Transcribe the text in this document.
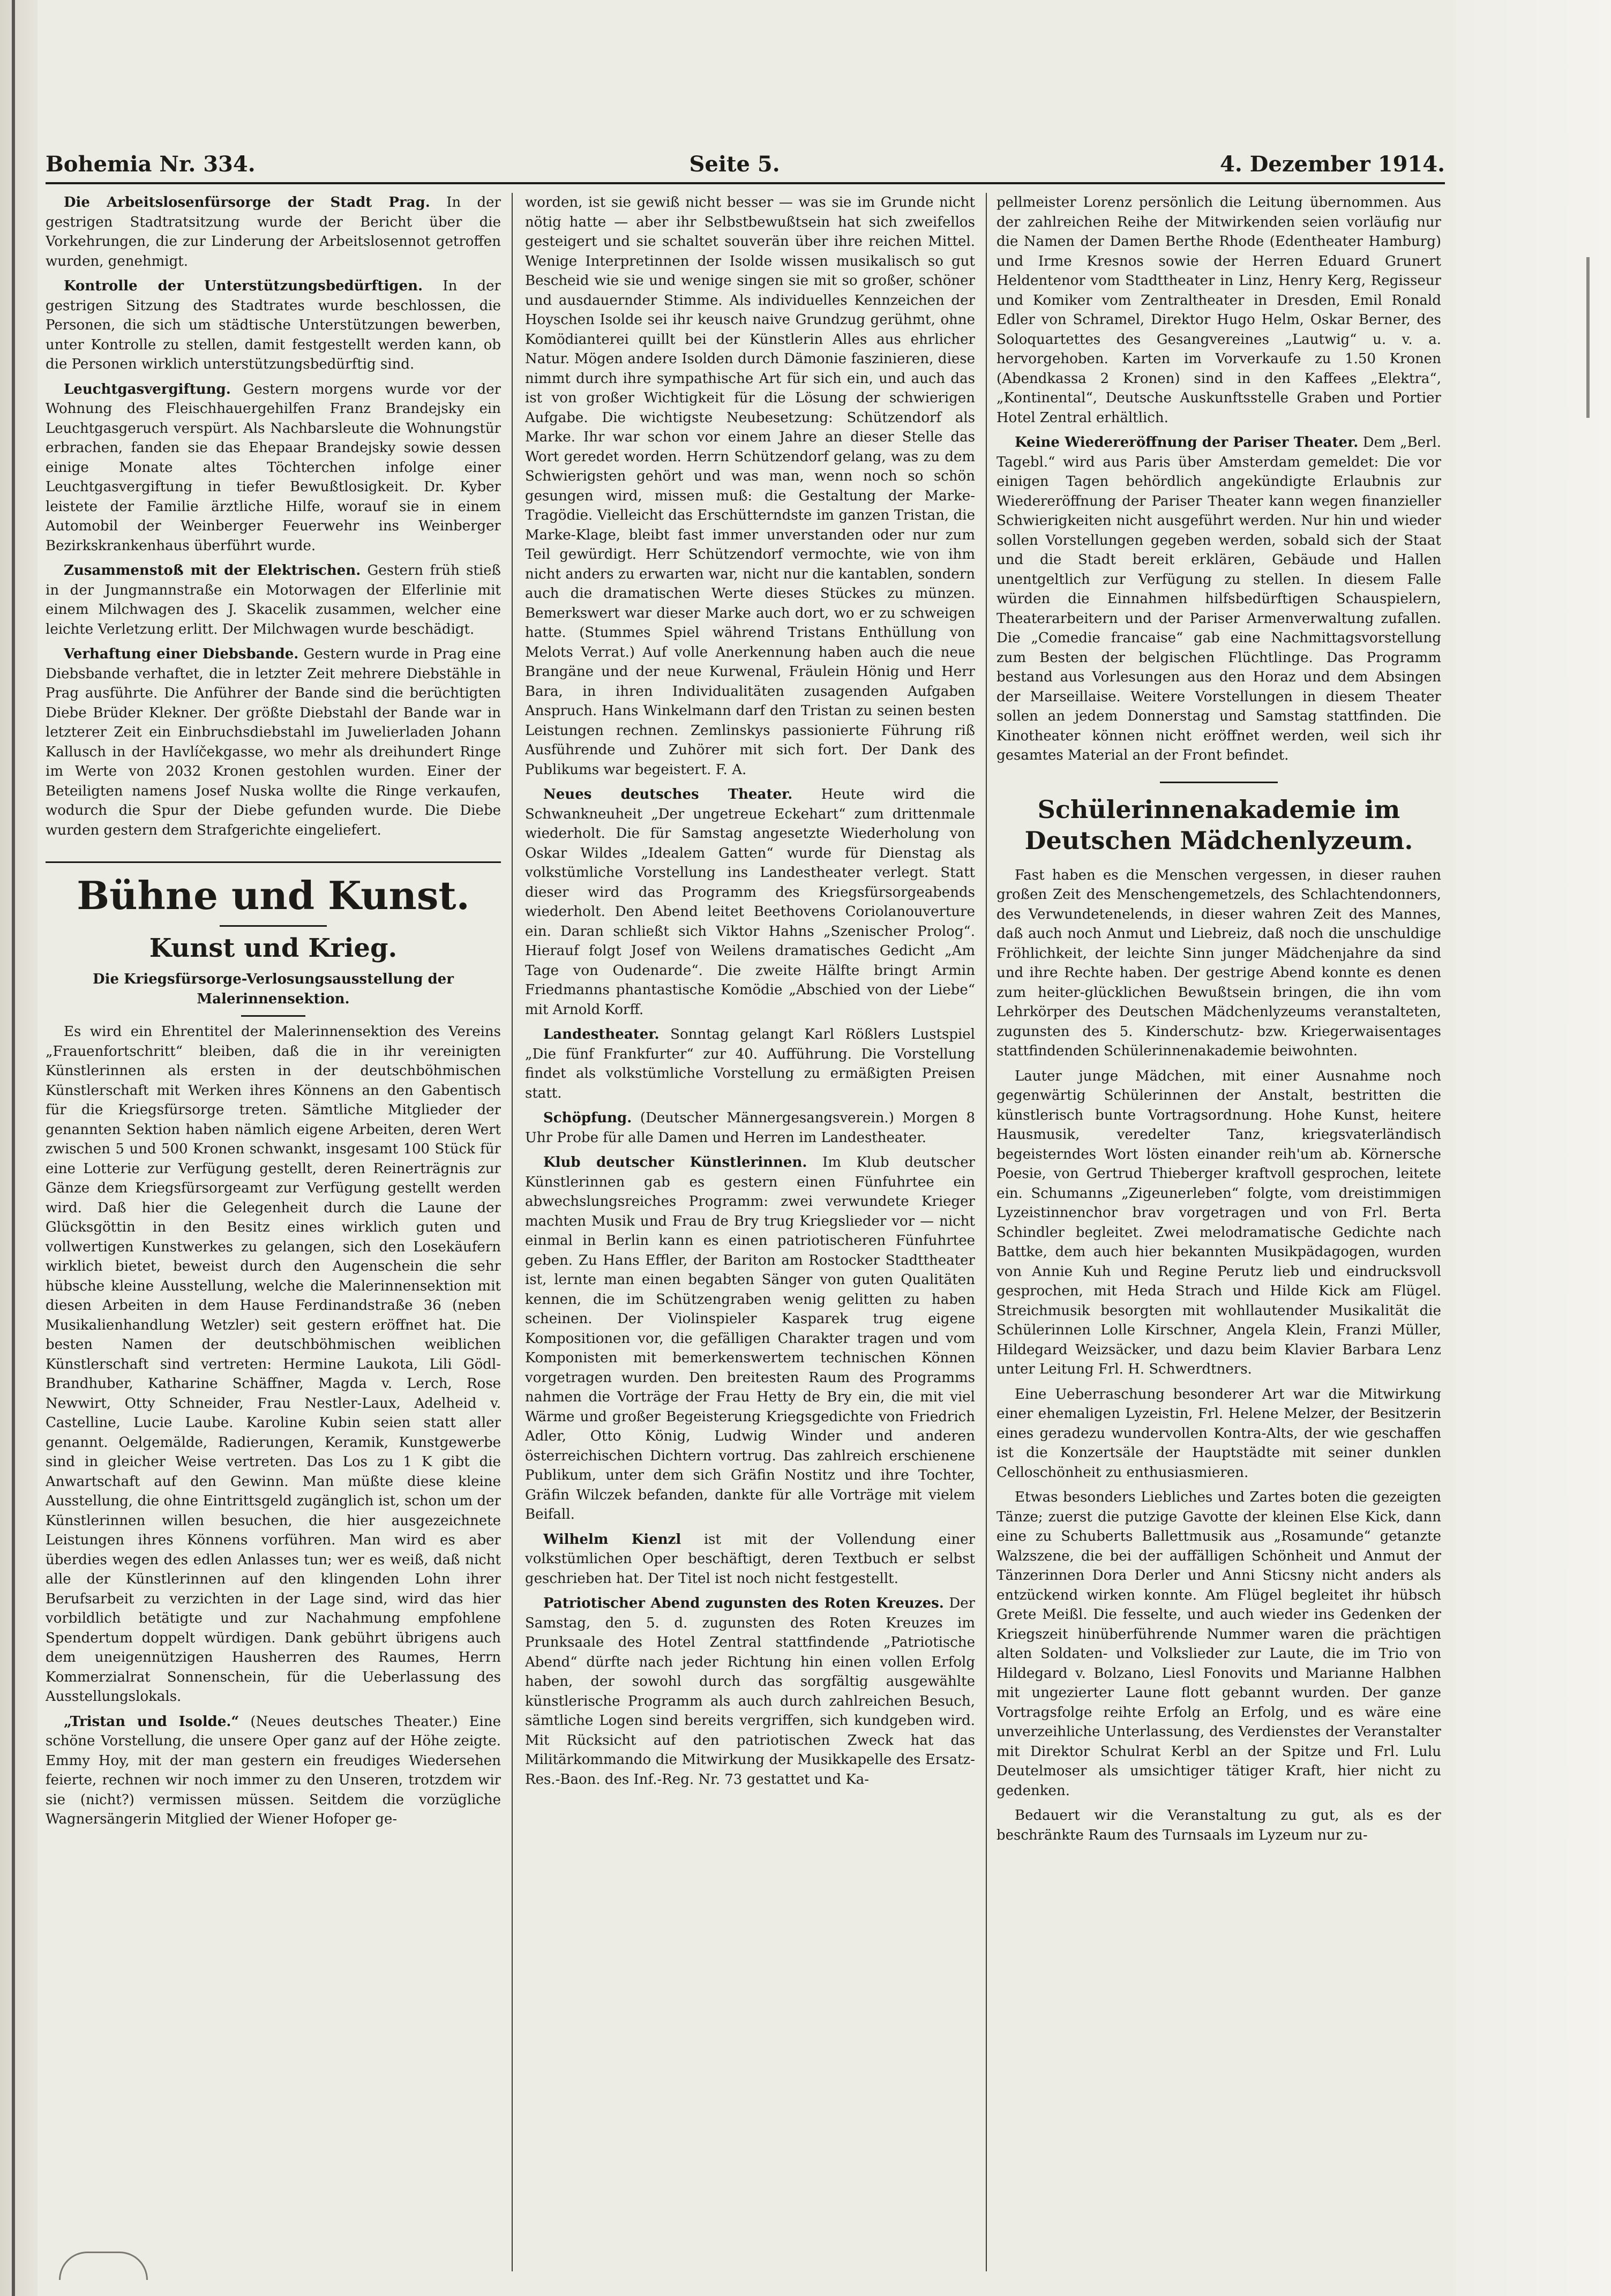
Bohemia Nr. 334.	Seite 5.	4. Dezember 1914.

Die Arbeitslosenfürsorge der Stadt Prag. In der gestrigen Stadtratsitzung wurde der Bericht über die Vorkehrungen, die zur Linderung der Arbeitslosennot getroffen wurden, genehmigt.

Kontrolle der Unterstützungsbedürftigen. In der gestrigen Sitzung des Stadtrates wurde beschlossen, die Personen, die sich um städtische Unterstützungen bewerben, unter Kontrolle zu stellen, damit festgestellt werden kann, ob die Personen wirklich unterstützungsbedürftig sind.

Leuchtgasvergiftung. Gestern morgens wurde vor der Wohnung des Fleischhauergehilfen Franz Brandejsky ein Leuchtgasgeruch verspürt. Als Nachbarsleute die Wohnungstür erbrachen, fanden sie das Ehepaar Brandejsky sowie dessen einige Monate altes Töchterchen infolge einer Leuchtgasvergiftung in tiefer Bewußtlosigkeit. Dr. Kyber leistete der Familie ärztliche Hilfe, worauf sie in einem Automobil der Weinberger Feuerwehr ins Weinberger Bezirkskrankenhaus überführt wurde.

Zusammenstoß mit der Elektrischen. Gestern früh stieß in der Jungmannstraße ein Motorwagen der Elferlinie mit einem Milchwagen des J. Skacelik zusammen, welcher eine leichte Verletzung erlitt. Der Milchwagen wurde beschädigt.

Verhaftung einer Diebsbande. Gestern wurde in Prag eine Diebsbande verhaftet, die in letzter Zeit mehrere Diebstähle in Prag ausführte. Die Anführer der Bande sind die berüchtigten Diebe Brüder Klekner. Der größte Diebstahl der Bande war in letzterer Zeit ein Einbruchsdiebstahl im Juwelierladen Johann Kallusch in der Havlíčekgasse, wo mehr als dreihundert Ringe im Werte von 2032 Kronen gestohlen wurden. Einer der Beteiligten namens Josef Nuska wollte die Ringe verkaufen, wodurch die Spur der Diebe gefunden wurde. Die Diebe wurden gestern dem Strafgerichte eingeliefert.

Bühne und Kunst.
Kunst und Krieg.
Die Kriegsfürsorge-Verlosungsausstellung der Malerinnensektion.

Es wird ein Ehrentitel der Malerinnensektion des Vereins „Frauenfortschritt“ bleiben, daß die in ihr vereinigten Künstlerinnen als ersten in der deutschböhmischen Künstlerschaft mit Werken ihres Könnens an den Gabentisch für die Kriegsfürsorge treten. Sämtliche Mitglieder der genannten Sektion haben nämlich eigene Arbeiten, deren Wert zwischen 5 und 500 Kronen schwankt, insgesamt 100 Stück für eine Lotterie zur Verfügung gestellt, deren Reinerträgnis zur Gänze dem Kriegsfürsorgeamt zur Verfügung gestellt werden wird. Daß hier die Gelegenheit durch die Laune der Glücksgöttin in den Besitz eines wirklich guten und vollwertigen Kunstwerkes zu gelangen, sich den Losekäufern wirklich bietet, beweist durch den Augenschein die sehr hübsche kleine Ausstellung, welche die Malerinnensektion mit diesen Arbeiten in dem Hause Ferdinandstraße 36 (neben Musikalienhandlung Wetzler) seit gestern eröffnet hat. Die besten Namen der deutschböhmischen weiblichen Künstlerschaft sind vertreten: Hermine Laukota, Lili Gödl-Brandhuber, Katharine Schäffner, Magda v. Lerch, Rose Newwirt, Otty Schneider, Frau Nestler-Laux, Adelheid v. Castelline, Lucie Laube. Karoline Kubin seien statt aller genannt. Oelgemälde, Radierungen, Keramik, Kunstgewerbe sind in gleicher Weise vertreten. Das Los zu 1 K gibt die Anwartschaft auf den Gewinn. Man müßte diese kleine Ausstellung, die ohne Eintrittsgeld zugänglich ist, schon um der Künstlerinnen willen besuchen, die hier ausgezeichnete Leistungen ihres Könnens vorführen. Man wird es aber überdies wegen des edlen Anlasses tun; wer es weiß, daß nicht alle der Künstlerinnen auf den klingenden Lohn ihrer Berufsarbeit zu verzichten in der Lage sind, wird das hier vorbildlich betätigte und zur Nachahmung empfohlene Spendertum doppelt würdigen. Dank gebührt übrigens auch dem uneigennützigen Hausherren des Raumes, Herrn Kommerzialrat Sonnenschein, für die Ueberlassung des Ausstellungslokals.

„Tristan und Isolde.“ (Neues deutsches Theater.) Eine schöne Vorstellung, die unsere Oper ganz auf der Höhe zeigte. Emmy Hoy, mit der man gestern ein freudiges Wiedersehen feierte, rechnen wir noch immer zu den Unseren, trotzdem wir sie (nicht?) vermissen müssen. Seitdem die vorzügliche Wagnersängerin Mitglied der Wiener Hofoper ge-

worden, ist sie gewiß nicht besser — was sie im Grunde nicht nötig hatte — aber ihr Selbstbewußtsein hat sich zweifellos gesteigert und sie schaltet souverän über ihre reichen Mittel. Wenige Interpretinnen der Isolde wissen musikalisch so gut Bescheid wie sie und wenige singen sie mit so großer, schöner und ausdauernder Stimme. Als individuelles Kennzeichen der Hoyschen Isolde sei ihr keusch naive Grundzug gerühmt, ohne Komödianterei quillt bei der Künstlerin Alles aus ehrlicher Natur. Mögen andere Isolden durch Dämonie faszinieren, diese nimmt durch ihre sympathische Art für sich ein, und auch das ist von großer Wichtigkeit für die Lösung der schwierigen Aufgabe. Die wichtigste Neubesetzung: Schützendorf als Marke. Ihr war schon vor einem Jahre an dieser Stelle das Wort geredet worden. Herrn Schützendorf gelang, was zu dem Schwierigsten gehört und was man, wenn noch so schön gesungen wird, missen muß: die Gestaltung der Marke-Tragödie. Vielleicht das Erschütterndste im ganzen Tristan, die Marke-Klage, bleibt fast immer unverstanden oder nur zum Teil gewürdigt. Herr Schützendorf vermochte, wie von ihm nicht anders zu erwarten war, nicht nur die kantablen, sondern auch die dramatischen Werte dieses Stückes zu münzen. Bemerkswert war dieser Marke auch dort, wo er zu schweigen hatte. (Stummes Spiel während Tristans Enthüllung von Melots Verrat.) Auf volle Anerkennung haben auch die neue Brangäne und der neue Kurwenal, Fräulein Hönig und Herr Bara, in ihren Individualitäten zusagenden Aufgaben Anspruch. Hans Winkelmann darf den Tristan zu seinen besten Leistungen rechnen. Zemlinskys passionierte Führung riß Ausführende und Zuhörer mit sich fort. Der Dank des Publikums war begeistert. F. A.

Neues deutsches Theater. Heute wird die Schwankneuheit „Der ungetreue Eckehart“ zum drittenmale wiederholt. Die für Samstag angesetzte Wiederholung von Oskar Wildes „Idealem Gatten“ wurde für Dienstag als volkstümliche Vorstellung ins Landestheater verlegt. Statt dieser wird das Programm des Kriegsfürsorgeabends wiederholt. Den Abend leitet Beethovens Coriolanouverture ein. Daran schließt sich Viktor Hahns „Szenischer Prolog“. Hierauf folgt Josef von Weilens dramatisches Gedicht „Am Tage von Oudenarde“. Die zweite Hälfte bringt Armin Friedmanns phantastische Komödie „Abschied von der Liebe“ mit Arnold Korff.

Landestheater. Sonntag gelangt Karl Rößlers Lustspiel „Die fünf Frankfurter“ zur 40. Aufführung. Die Vorstellung findet als volkstümliche Vorstellung zu ermäßigten Preisen statt.

Schöpfung. (Deutscher Männergesangsverein.) Morgen 8 Uhr Probe für alle Damen und Herren im Landestheater.

Klub deutscher Künstlerinnen. Im Klub deutscher Künstlerinnen gab es gestern einen Fünfuhrtee ein abwechslungsreiches Programm: zwei verwundete Krieger machten Musik und Frau de Bry trug Kriegslieder vor — nicht einmal in Berlin kann es einen patriotischeren Fünfuhrtee geben. Zu Hans Effler, der Bariton am Rostocker Stadttheater ist, lernte man einen begabten Sänger von guten Qualitäten kennen, die im Schützengraben wenig gelitten zu haben scheinen. Der Violinspieler Kasparek trug eigene Kompositionen vor, die gefälligen Charakter tragen und vom Komponisten mit bemerkenswertem technischen Können vorgetragen wurden. Den breitesten Raum des Programms nahmen die Vorträge der Frau Hetty de Bry ein, die mit viel Wärme und großer Begeisterung Kriegsgedichte von Friedrich Adler, Otto König, Ludwig Winder und anderen österreichischen Dichtern vortrug. Das zahlreich erschienene Publikum, unter dem sich Gräfin Nostitz und ihre Tochter, Gräfin Wilczek befanden, dankte für alle Vorträge mit vielem Beifall.

Wilhelm Kienzl ist mit der Vollendung einer volkstümlichen Oper beschäftigt, deren Textbuch er selbst geschrieben hat. Der Titel ist noch nicht festgestellt.

Patriotischer Abend zugunsten des Roten Kreuzes. Der Samstag, den 5. d. zugunsten des Roten Kreuzes im Prunksaale des Hotel Zentral stattfindende „Patriotische Abend“ dürfte nach jeder Richtung hin einen vollen Erfolg haben, der sowohl durch das sorgfältig ausgewählte künstlerische Programm als auch durch zahlreichen Besuch, sämtliche Logen sind bereits vergriffen, sich kundgeben wird. Mit Rücksicht auf den patriotischen Zweck hat das Militärkommando die Mitwirkung der Musikkapelle des Ersatz-Res.-Baon. des Inf.-Reg. Nr. 73 gestattet und Ka-

pellmeister Lorenz persönlich die Leitung übernommen. Aus der zahlreichen Reihe der Mitwirkenden seien vorläufig nur die Namen der Damen Berthe Rhode (Edentheater Hamburg) und Irme Kresnos sowie der Herren Eduard Grunert Heldentenor vom Stadttheater in Linz, Henry Kerg, Regisseur und Komiker vom Zentraltheater in Dresden, Emil Ronald Edler von Schramel, Direktor Hugo Helm, Oskar Berner, des Soloquartettes des Gesangvereines „Lautwig“ u. v. a. hervorgehoben. Karten im Vorverkaufe zu 1.50 Kronen (Abendkassa 2 Kronen) sind in den Kaffees „Elektra“, „Kontinental“, Deutsche Auskunftsstelle Graben und Portier Hotel Zentral erhältlich.

Keine Wiedereröffnung der Pariser Theater. Dem „Berl. Tagebl.“ wird aus Paris über Amsterdam gemeldet: Die vor einigen Tagen behördlich angekündigte Erlaubnis zur Wiedereröffnung der Pariser Theater kann wegen finanzieller Schwierigkeiten nicht ausgeführt werden. Nur hin und wieder sollen Vorstellungen gegeben werden, sobald sich der Staat und die Stadt bereit erklären, Gebäude und Hallen unentgeltlich zur Verfügung zu stellen. In diesem Falle würden die Einnahmen hilfsbedürftigen Schauspielern, Theaterarbeitern und der Pariser Armenverwaltung zufallen. Die „Comedie francaise“ gab eine Nachmittagsvorstellung zum Besten der belgischen Flüchtlinge. Das Programm bestand aus Vorlesungen aus den Horaz und dem Absingen der Marseillaise. Weitere Vorstellungen in diesem Theater sollen an jedem Donnerstag und Samstag stattfinden. Die Kinotheater können nicht eröffnet werden, weil sich ihr gesamtes Material an der Front befindet.

Schülerinnenakademie im Deutschen Mädchenlyzeum.

Fast haben es die Menschen vergessen, in dieser rauhen großen Zeit des Menschengemetzels, des Schlachtendonners, des Verwundetenelends, in dieser wahren Zeit des Mannes, daß auch noch Anmut und Liebreiz, daß noch die unschuldige Fröhlichkeit, der leichte Sinn junger Mädchenjahre da sind und ihre Rechte haben. Der gestrige Abend konnte es denen zum heiter-glücklichen Bewußtsein bringen, die ihn vom Lehrkörper des Deutschen Mädchenlyzeums veranstalteten, zugunsten des 5. Kinderschutz- bzw. Kriegerwaisentages stattfindenden Schülerinnenakademie beiwohnten.

Lauter junge Mädchen, mit einer Ausnahme noch gegenwärtig Schülerinnen der Anstalt, bestritten die künstlerisch bunte Vortragsordnung. Hohe Kunst, heitere Hausmusik, veredelter Tanz, kriegsvaterländisch begeisterndes Wort lösten einander reih'um ab. Körnersche Poesie, von Gertrud Thieberger kraftvoll gesprochen, leitete ein. Schumanns „Zigeunerleben“ folgte, vom dreistimmigen Lyzeistinnenchor brav vorgetragen und von Frl. Berta Schindler begleitet. Zwei melodramatische Gedichte nach Battke, dem auch hier bekannten Musikpädagogen, wurden von Annie Kuh und Regine Perutz lieb und eindrucksvoll gesprochen, mit Heda Strach und Hilde Kick am Flügel. Streichmusik besorgten mit wohllautender Musikalität die Schülerinnen Lolle Kirschner, Angela Klein, Franzi Müller, Hildegard Weizsäcker, und dazu beim Klavier Barbara Lenz unter Leitung Frl. H. Schwerdtners.

Eine Ueberraschung besonderer Art war die Mitwirkung einer ehemaligen Lyzeistin, Frl. Helene Melzer, der Besitzerin eines geradezu wundervollen Kontra-Alts, der wie geschaffen ist die Konzertsäle der Hauptstädte mit seiner dunklen Celloschönheit zu enthusiasmieren.

Etwas besonders Liebliches und Zartes boten die gezeigten Tänze; zuerst die putzige Gavotte der kleinen Else Kick, dann eine zu Schuberts Ballettmusik aus „Rosamunde“ getanzte Walzszene, die bei der auffälligen Schönheit und Anmut der Tänzerinnen Dora Derler und Anni Sticsny nicht anders als entzückend wirken konnte. Am Flügel begleitet ihr hübsch Grete Meißl. Die fesselte, und auch wieder ins Gedenken der Kriegszeit hinüberführende Nummer waren die prächtigen alten Soldaten- und Volkslieder zur Laute, die im Trio von Hildegard v. Bolzano, Liesl Fonovits und Marianne Halbhen mit ungezierter Laune flott gebannt wurden. Der ganze Vortragsfolge reihte Erfolg an Erfolg, und es wäre eine unverzeihliche Unterlassung, des Verdienstes der Veranstalter mit Direktor Schulrat Kerbl an der Spitze und Frl. Lulu Deutelmoser als umsichtiger tätiger Kraft, hier nicht zu gedenken.

Bedauert wir die Veranstaltung zu gut, als es der beschränkte Raum des Turnsaals im Lyzeum nur zu-
